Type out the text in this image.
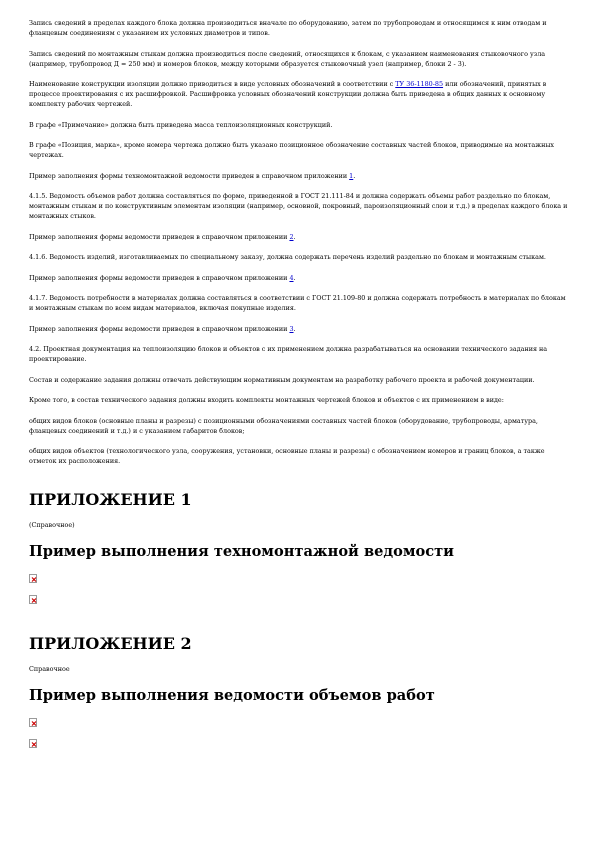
Запись сведений в пределах каждого блока должна производиться вначале по оборудованию, затем по трубопроводам и относящимся к ним отводам и фланцевым соединениям с указанием их условных диаметров и типов.

Запись сведений по монтажным стыкам должна производиться после сведений, относящихся к блокам, с указанием наименования стыковочного узла (например, трубопровод Д = 250 мм) и номеров блоков, между которыми образуется стыковочный узел (например, блоки 2 - 3).

Наименование конструкции изоляции должно приводиться в виде условных обозначений в соответствии с ТУ 36-1180-85 или обозначений, принятых в процессе проектирования с их расшифровкой. Расшифровка условных обозначений конструкции должна быть приведена в общих данных к основному комплекту рабочих чертежей.

В графе «Примечание» должна быть приведена масса теплоизоляционных конструкций.

В графе «Позиция, марка», кроме номера чертежа должно быть указано позиционное обозначение составных частей блоков, приводимые на монтажных чертежах.

Пример заполнения формы техномонтажной ведомости приведен в справочном приложении 1.

4.1.5. Ведомость объемов работ должна составляться по форме, приведенной в ГОСТ 21.111-84 и должна содержать объемы работ раздельно по блокам, монтажным стыкам и по конструктивным элементам изоляции (например, основной, покровный, пароизоляционный слои и т.д.) в пределах каждого блока и монтажных стыков.

Пример заполнения формы ведомости приведен в справочном приложении 2.

4.1.6. Ведомость изделий, изготавливаемых по специальному заказу, должна содержать перечень изделий раздельно по блокам и монтажным стыкам.

Пример заполнения формы ведомости приведен в справочном приложении 4.

4.1.7. Ведомость потребности в материалах должна составляться в соответствии с ГОСТ 21.109-80 и должна содержать потребность в материалах по блокам и монтажным стыкам по всем видам материалов, включая покупные изделия.

Пример заполнения формы ведомости приведен в справочном приложении 3.

4.2. Проектная документация на теплоизоляцию блоков и объектов с их применением должна разрабатываться на основании технического задания на проектирование.

Состав и содержание задания должны отвечать действующим нормативным документам на разработку рабочего проекта и рабочей документации.

Кроме того, в состав технического задания должны входить комплекты монтажных чертежей блоков и объектов с их применением в виде:

общих видов блоков (основные планы и разрезы) с позиционными обозначениями составных частей блоков (оборудование, трубопроводы, арматура, фланцевых соединений и т.д.) и с указанием габаритов блоков;

общих видов объектов (технологического узла, сооружения, установки, основные планы и разрезы) с обозначением номеров и границ блоков, а также отметок их расположения.

ПРИЛОЖЕНИЕ 1

(Справочное)

Пример выполнения техномонтажной ведомости
ПРИЛОЖЕНИЕ 2

Справочное

Пример выполнения ведомости объемов работ
